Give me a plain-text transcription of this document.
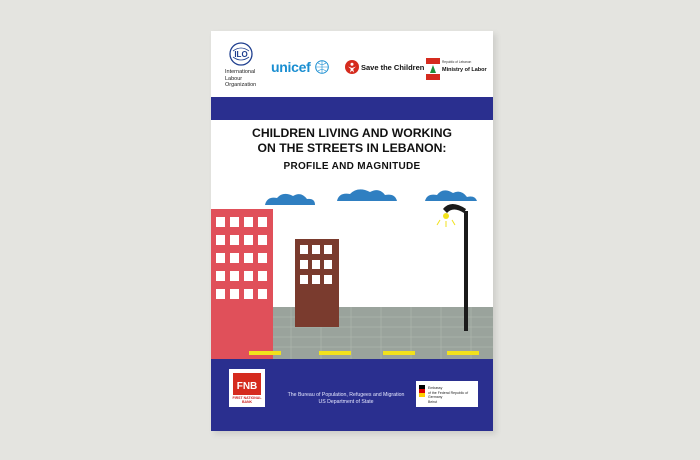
ILO
International
Labour
Organization
unicef	Save the Children
Republic of Lebanon
Ministry of Labor
CHILDREN LIVING AND WORKING
ON THE STREETS IN LEBANON:
PROFILE AND MAGNITUDE
FNB
FIRST NATIONAL BANK
The Bureau of Population, Refugees and Migration
US Department of State
Embassy
of the Federal Republic of Germany
Beirut
